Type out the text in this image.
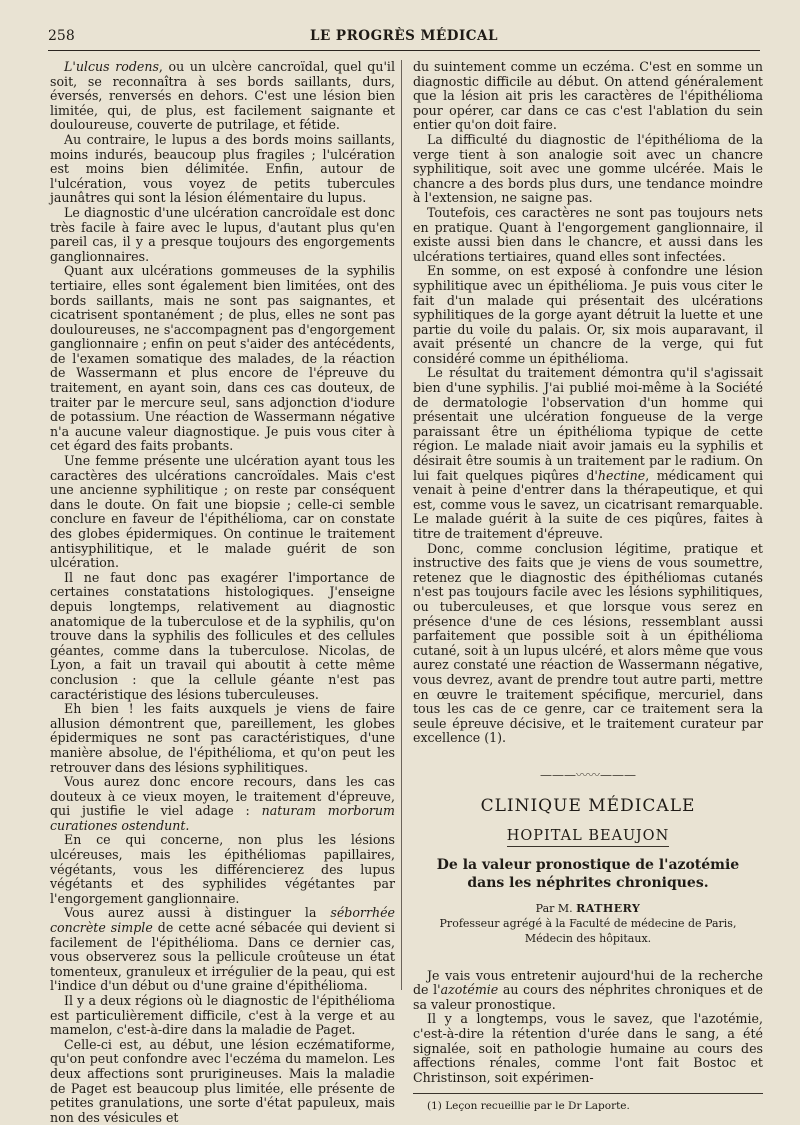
258	LE PROGRÈS MÉDICAL

L'ulcus rodens, ou un ulcère cancroïdal, quel qu'il soit, se reconnaîtra à ses bords saillants, durs, éversés, renversés en dehors. C'est une lésion bien limitée, qui, de plus, est facilement saignante et douloureuse, couverte de putrilage, et fétide.

Au contraire, le lupus a des bords moins saillants, moins indurés, beaucoup plus fragiles ; l'ulcération est moins bien délimitée. Enfin, autour de l'ulcération, vous voyez de petits tubercules jaunâtres qui sont la lésion élémentaire du lupus.

Le diagnostic d'une ulcération cancroïdale est donc très facile à faire avec le lupus, d'autant plus qu'en pareil cas, il y a presque toujours des engorgements ganglionnaires.

Quant aux ulcérations gommeuses de la syphilis tertiaire, elles sont également bien limitées, ont des bords saillants, mais ne sont pas saignantes, et cicatrisent spontanément ; de plus, elles ne sont pas douloureuses, ne s'accompagnent pas d'engorgement ganglionnaire ; enfin on peut s'aider des antécédents, de l'examen somatique des malades, de la réaction de Wassermann et plus encore de l'épreuve du traitement, en ayant soin, dans ces cas douteux, de traiter par le mercure seul, sans adjonction d'iodure de potassium. Une réaction de Wassermann négative n'a aucune valeur diagnostique. Je puis vous citer à cet égard des faits probants.

Une femme présente une ulcération ayant tous les caractères des ulcérations cancroïdales. Mais c'est une ancienne syphilitique ; on reste par conséquent dans le doute. On fait une biopsie ; celle-ci semble conclure en faveur de l'épithélioma, car on constate des globes épidermiques. On continue le traitement antisyphilitique, et le malade guérit de son ulcération.

Il ne faut donc pas exagérer l'importance de certaines constatations histologiques. J'enseigne depuis longtemps, relativement au diagnostic anatomique de la tuberculose et de la syphilis, qu'on trouve dans la syphilis des follicules et des cellules géantes, comme dans la tuberculose. Nicolas, de Lyon, a fait un travail qui aboutit à cette même conclusion : que la cellule géante n'est pas caractéristique des lésions tuberculeuses.

Eh bien ! les faits auxquels je viens de faire allusion démontrent que, pareillement, les globes épidermiques ne sont pas caractéristiques, d'une manière absolue, de l'épithélioma, et qu'on peut les retrouver dans des lésions syphilitiques.

Vous aurez donc encore recours, dans les cas douteux à ce vieux moyen, le traitement d'épreuve, qui justifie le viel adage : naturam morborum curationes ostendunt.

En ce qui concerne, non plus les lésions ulcéreuses, mais les épithéliomas papillaires, végétants, vous les différencierez des lupus végétants et des syphilides végétantes par l'engorgement ganglionnaire.

Vous aurez aussi à distinguer la séborrhée concrète simple de cette acné sébacée qui devient si facilement de l'épithélioma. Dans ce dernier cas, vous observerez sous la pellicule croûteuse un état tomenteux, granuleux et irrégulier de la peau, qui est l'indice d'un début ou d'une graine d'épithélioma.

Il y a deux régions où le diagnostic de l'épithélioma est particulièrement difficile, c'est à la verge et au mamelon, c'est-à-dire dans la maladie de Paget.

Celle-ci est, au début, une lésion eczématiforme, qu'on peut confondre avec l'eczéma du mamelon. Les deux affections sont prurigineuses. Mais la maladie de Paget est beaucoup plus limitée, elle présente de petites granulations, une sorte d'état papuleux, mais non des vésicules et

du suintement comme un eczéma. C'est en somme un diagnostic difficile au début. On attend généralement que la lésion ait pris les caractères de l'épithélioma pour opérer, car dans ce cas c'est l'ablation du sein entier qu'on doit faire.

La difficulté du diagnostic de l'épithélioma de la verge tient à son analogie soit avec un chancre syphilitique, soit avec une gomme ulcérée. Mais le chancre a des bords plus durs, une tendance moindre à l'extension, ne saigne pas.

Toutefois, ces caractères ne sont pas toujours nets en pratique. Quant à l'engorgement ganglionnaire, il existe aussi bien dans le chancre, et aussi dans les ulcérations tertiaires, quand elles sont infectées.

En somme, on est exposé à confondre une lésion syphilitique avec un épithélioma. Je puis vous citer le fait d'un malade qui présentait des ulcérations syphilitiques de la gorge ayant détruit la luette et une partie du voile du palais. Or, six mois auparavant, il avait présenté un chancre de la verge, qui fut considéré comme un épithélioma.

Le résultat du traitement démontra qu'il s'agissait bien d'une syphilis. J'ai publié moi-même à la Société de dermatologie l'observation d'un homme qui présentait une ulcération fongueuse de la verge paraissant être un épithélioma typique de cette région. Le malade niait avoir jamais eu la syphilis et désirait être soumis à un traitement par le radium. On lui fait quelques piqûres d'hectine, médicament qui venait à peine d'entrer dans la thérapeutique, et qui est, comme vous le savez, un cicatrisant remarquable. Le malade guérit à la suite de ces piqûres, faites à titre de traitement d'épreuve.

Donc, comme conclusion légitime, pratique et instructive des faits que je viens de vous soumettre, retenez que le diagnostic des épithéliomas cutanés n'est pas toujours facile avec les lésions syphilitiques, ou tuberculeuses, et que lorsque vous serez en présence d'une de ces lésions, ressemblant aussi parfaitement que possible soit à un épithélioma cutané, soit à un lupus ulcéré, et alors même que vous aurez constaté une réaction de Wassermann négative, vous devrez, avant de prendre tout autre parti, mettre en œuvre le traitement spécifique, mercuriel, dans tous les cas de ce genre, car ce traitement sera la seule épreuve décisive, et le traitement curateur par excellence (1).

———〰〰———
CLINIQUE MÉDICALE
HOPITAL BEAUJON
De la valeur pronostique de l'azotémie
dans les néphrites chroniques.
Par M. RATHERY
Professeur agrégé à la Faculté de médecine de Paris,
Médecin des hôpitaux.

Je vais vous entretenir aujourd'hui de la recherche de l'azotémie au cours des néphrites chroniques et de sa valeur pronostique.

Il y a longtemps, vous le savez, que l'azotémie, c'est-à-dire la rétention d'urée dans le sang, a été signalée, soit en pathologie humaine au cours des affections rénales, comme l'ont fait Bostoc et Christinson, soit expérimen-

(1) Leçon recueillie par le Dr Laporte.
